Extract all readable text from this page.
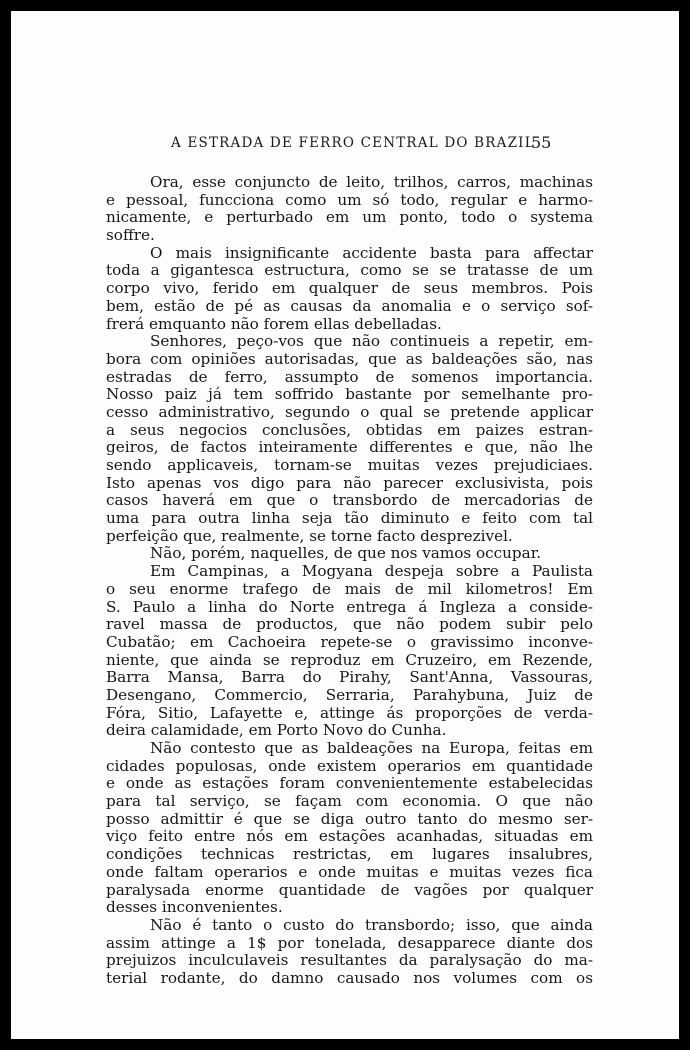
A ESTRADA DE FERRO CENTRAL DO BRAZIL
55
Ora, esse conjuncto de leito, trilhos, carros, machinas
e pessoal, funcciona como um só todo, regular e harmo-
nicamente, e perturbado em um ponto, todo o systema
soffre.
O mais insignificante accidente basta para affectar
toda a gigantesca estructura, como se se tratasse de um
corpo vivo, ferido em qualquer de seus membros. Pois
bem, estão de pé as causas da anomalia e o serviço sof-
frerá emquanto não forem ellas debelladas.
Senhores, peço-vos que não continueis a repetir, em-
bora com opiniões autorisadas, que as baldeações são, nas
estradas de ferro, assumpto de somenos importancia.
Nosso paiz já tem soffrido bastante por semelhante pro-
cesso administrativo, segundo o qual se pretende applicar
a seus negocios conclusões, obtidas em paizes estran-
geiros, de factos inteiramente differentes e que, não lhe
sendo applicaveis, tornam-se muitas vezes prejudiciaes.
Isto apenas vos digo para não parecer exclusivista, pois
casos haverá em que o transbordo de mercadorias de
uma para outra linha seja tão diminuto e feito com tal
perfeição que, realmente, se torne facto desprezivel.
Não, porém, naquelles, de que nos vamos occupar.
Em Campinas, a Mogyana despeja sobre a Paulista
o seu enorme trafego de mais de mil kilometros! Em
S. Paulo a linha do Norte entrega á Ingleza a conside-
ravel massa de productos, que não podem subir pelo
Cubatão; em Cachoeira repete-se o gravissimo inconve-
niente, que ainda se reproduz em Cruzeiro, em Rezende,
Barra Mansa, Barra do Pirahy, Sant'Anna, Vassouras,
Desengano, Commercio, Serraria, Parahybuna, Juiz de
Fóra, Sitio, Lafayette e, attinge ás proporções de verda-
deira calamidade, em Porto Novo do Cunha.
Não contesto que as baldeações na Europa, feitas em
cidades populosas, onde existem operarios em quantidade
e onde as estações foram convenientemente estabelecidas
para tal serviço, se façam com economia. O que não
posso admittir é que se diga outro tanto do mesmo ser-
viço feito entre nós em estações acanhadas, situadas em
condições technicas restrictas, em lugares insalubres,
onde faltam operarios e onde muitas e muitas vezes fica
paralysada enorme quantidade de vagões por qualquer
desses inconvenientes.
Não é tanto o custo do transbordo; isso, que ainda
assim attinge a 1$ por tonelada, desapparece diante dos
prejuizos inculculaveis resultantes da paralysação do ma-
terial rodante, do damno causado nos volumes com os
